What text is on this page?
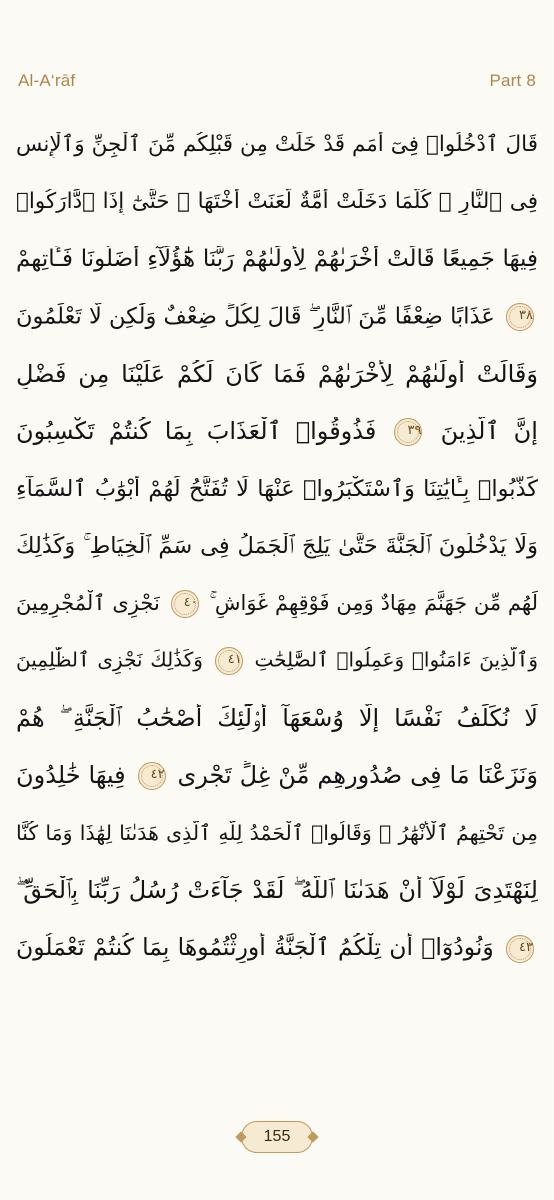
Al-A‘rāf	Part 8
قَالَ ٱدْخُلُوا۟ فِىٓ أُمَمٍ قَدْ خَلَتْ مِن قَبْلِكُم مِّنَ ٱلْجِنِّ وَٱلْإِنسِ
فِى ٱلنَّارِ ۖ كُلَّمَا دَخَلَتْ أُمَّةٌ لَّعَنَتْ أُخْتَهَا ۖ حَتَّىٰٓ إِذَا ٱدَّارَكُوا۟
فِيهَا جَمِيعًا قَالَتْ أُخْرَىٰهُمْ لِأُولَىٰهُمْ رَبَّنَا هَٰٓؤُلَآءِ أَضَلُّونَا فَـَٔاتِهِمْ
عَذَابًا ضِعْفًا مِّنَ ٱلنَّارِ ۖ قَالَ لِكُلٍّ ضِعْفٌ وَلَٰكِن لَّا تَعْلَمُونَ ٣٨
وَقَالَتْ أُولَىٰهُمْ لِأُخْرَىٰهُمْ فَمَا كَانَ لَكُمْ عَلَيْنَا مِن فَضْلٍ
فَذُوقُوا۟ ٱلْعَذَابَ بِمَا كُنتُمْ تَكْسِبُونَ ٣٩ إِنَّ ٱلَّذِينَ
كَذَّبُوا۟ بِـَٔايَٰتِنَا وَٱسْتَكْبَرُوا۟ عَنْهَا لَا تُفَتَّحُ لَهُمْ أَبْوَٰبُ ٱلسَّمَآءِ
وَلَا يَدْخُلُونَ ٱلْجَنَّةَ حَتَّىٰ يَلِجَ ٱلْجَمَلُ فِى سَمِّ ٱلْخِيَاطِ ۚ وَكَذَٰلِكَ
نَجْزِى ٱلْمُجْرِمِينَ ٤٠ لَهُم مِّن جَهَنَّمَ مِهَادٌ وَمِن فَوْقِهِمْ غَوَاشٍ ۚ
وَكَذَٰلِكَ نَجْزِى ٱلظَّٰلِمِينَ ٤١ وَٱلَّذِينَ ءَامَنُوا۟ وَعَمِلُوا۟ ٱلصَّٰلِحَٰتِ
لَا نُكَلِّفُ نَفْسًا إِلَّا وُسْعَهَآ أُو۟لَٰٓئِكَ أَصْحَٰبُ ٱلْجَنَّةِ ۖ هُمْ
فِيهَا خَٰلِدُونَ ٤٢ وَنَزَعْنَا مَا فِى صُدُورِهِم مِّنْ غِلٍّ تَجْرِى
مِن تَحْتِهِمُ ٱلْأَنْهَٰرُ ۖ وَقَالُوا۟ ٱلْحَمْدُ لِلَّهِ ٱلَّذِى هَدَىٰنَا لِهَٰذَا وَمَا كُنَّا
لِنَهْتَدِىَ لَوْلَآ أَنْ هَدَىٰنَا ٱللَّهُ ۖ لَقَدْ جَآءَتْ رُسُلُ رَبِّنَا بِٱلْحَقِّ ۖ
وَنُودُوٓا۟ أَن تِلْكُمُ ٱلْجَنَّةُ أُورِثْتُمُوهَا بِمَا كُنتُمْ تَعْمَلُونَ ٤٣
155
